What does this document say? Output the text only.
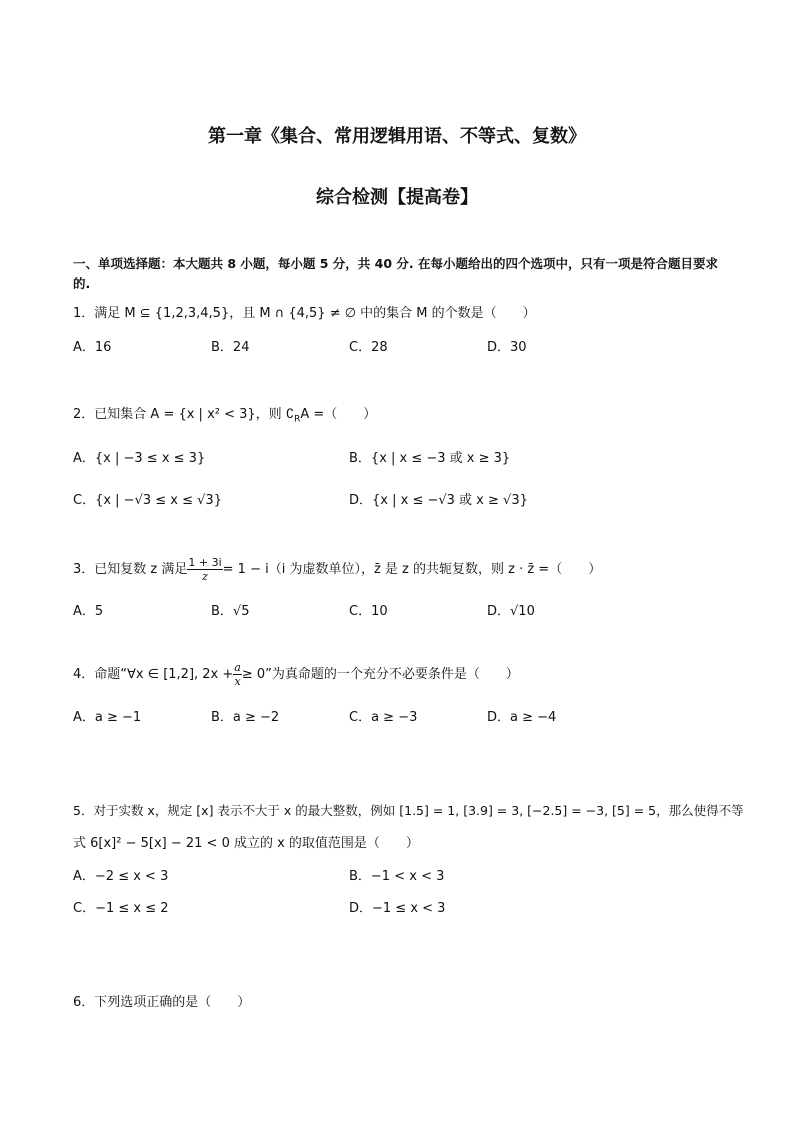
第一章《集合、常用逻辑用语、不等式、复数》
综合检测【提高卷】
一、单项选择题：本大题共 8 小题，每小题 5 分，共 40 分. 在每小题给出的四个选项中，只有一项是符合题目要求的.
1．满足 M ⊆ {1,2,3,4,5}，且 M ∩ {4,5} ≠ ∅ 中的集合 M 的个数是（　　）
A．16	B．24	C．28	D．30
2．已知集合 A = {x | x² < 3}，则 $∁_RA$ =（　　）
A．{x | −3 ≤ x ≤ 3}	B．{x | x ≤ −3 或 x ≥ 3}
C．{x | −√3 ≤ x ≤ √3}	D．{x | x ≤ −√3 或 x ≥ √3}
3．已知复数 z 满足 $\frac{1 + 3i}{z} = 1 - i(i$ 为虚数单位），z̄ 是 z 的共轭复数，则 z · z̄ =（　　）
A．5	B．√5	C．10	D．√10
4．命题“∀x ∈ [1,2], $2x + \frac{a}{x} \ge 0$”为真命题的一个充分不必要条件是（　　）
A．a ≥ −1	B．a ≥ −2	C．a ≥ −3	D．a ≥ −4
5．对于实数 x，规定 [x] 表示不大于 x 的最大整数，例如 [1.5] = 1, [3.9] = 3, [−2.5] = −3, [5] = 5，那么使得不等
式 6[x]² − 5[x] − 21 < 0 成立的 x 的取值范围是（　　）
A．−2 ≤ x < 3	B．−1 < x < 3
C．−1 ≤ x ≤ 2	D．−1 ≤ x < 3
6．下列选项正确的是（　　）
